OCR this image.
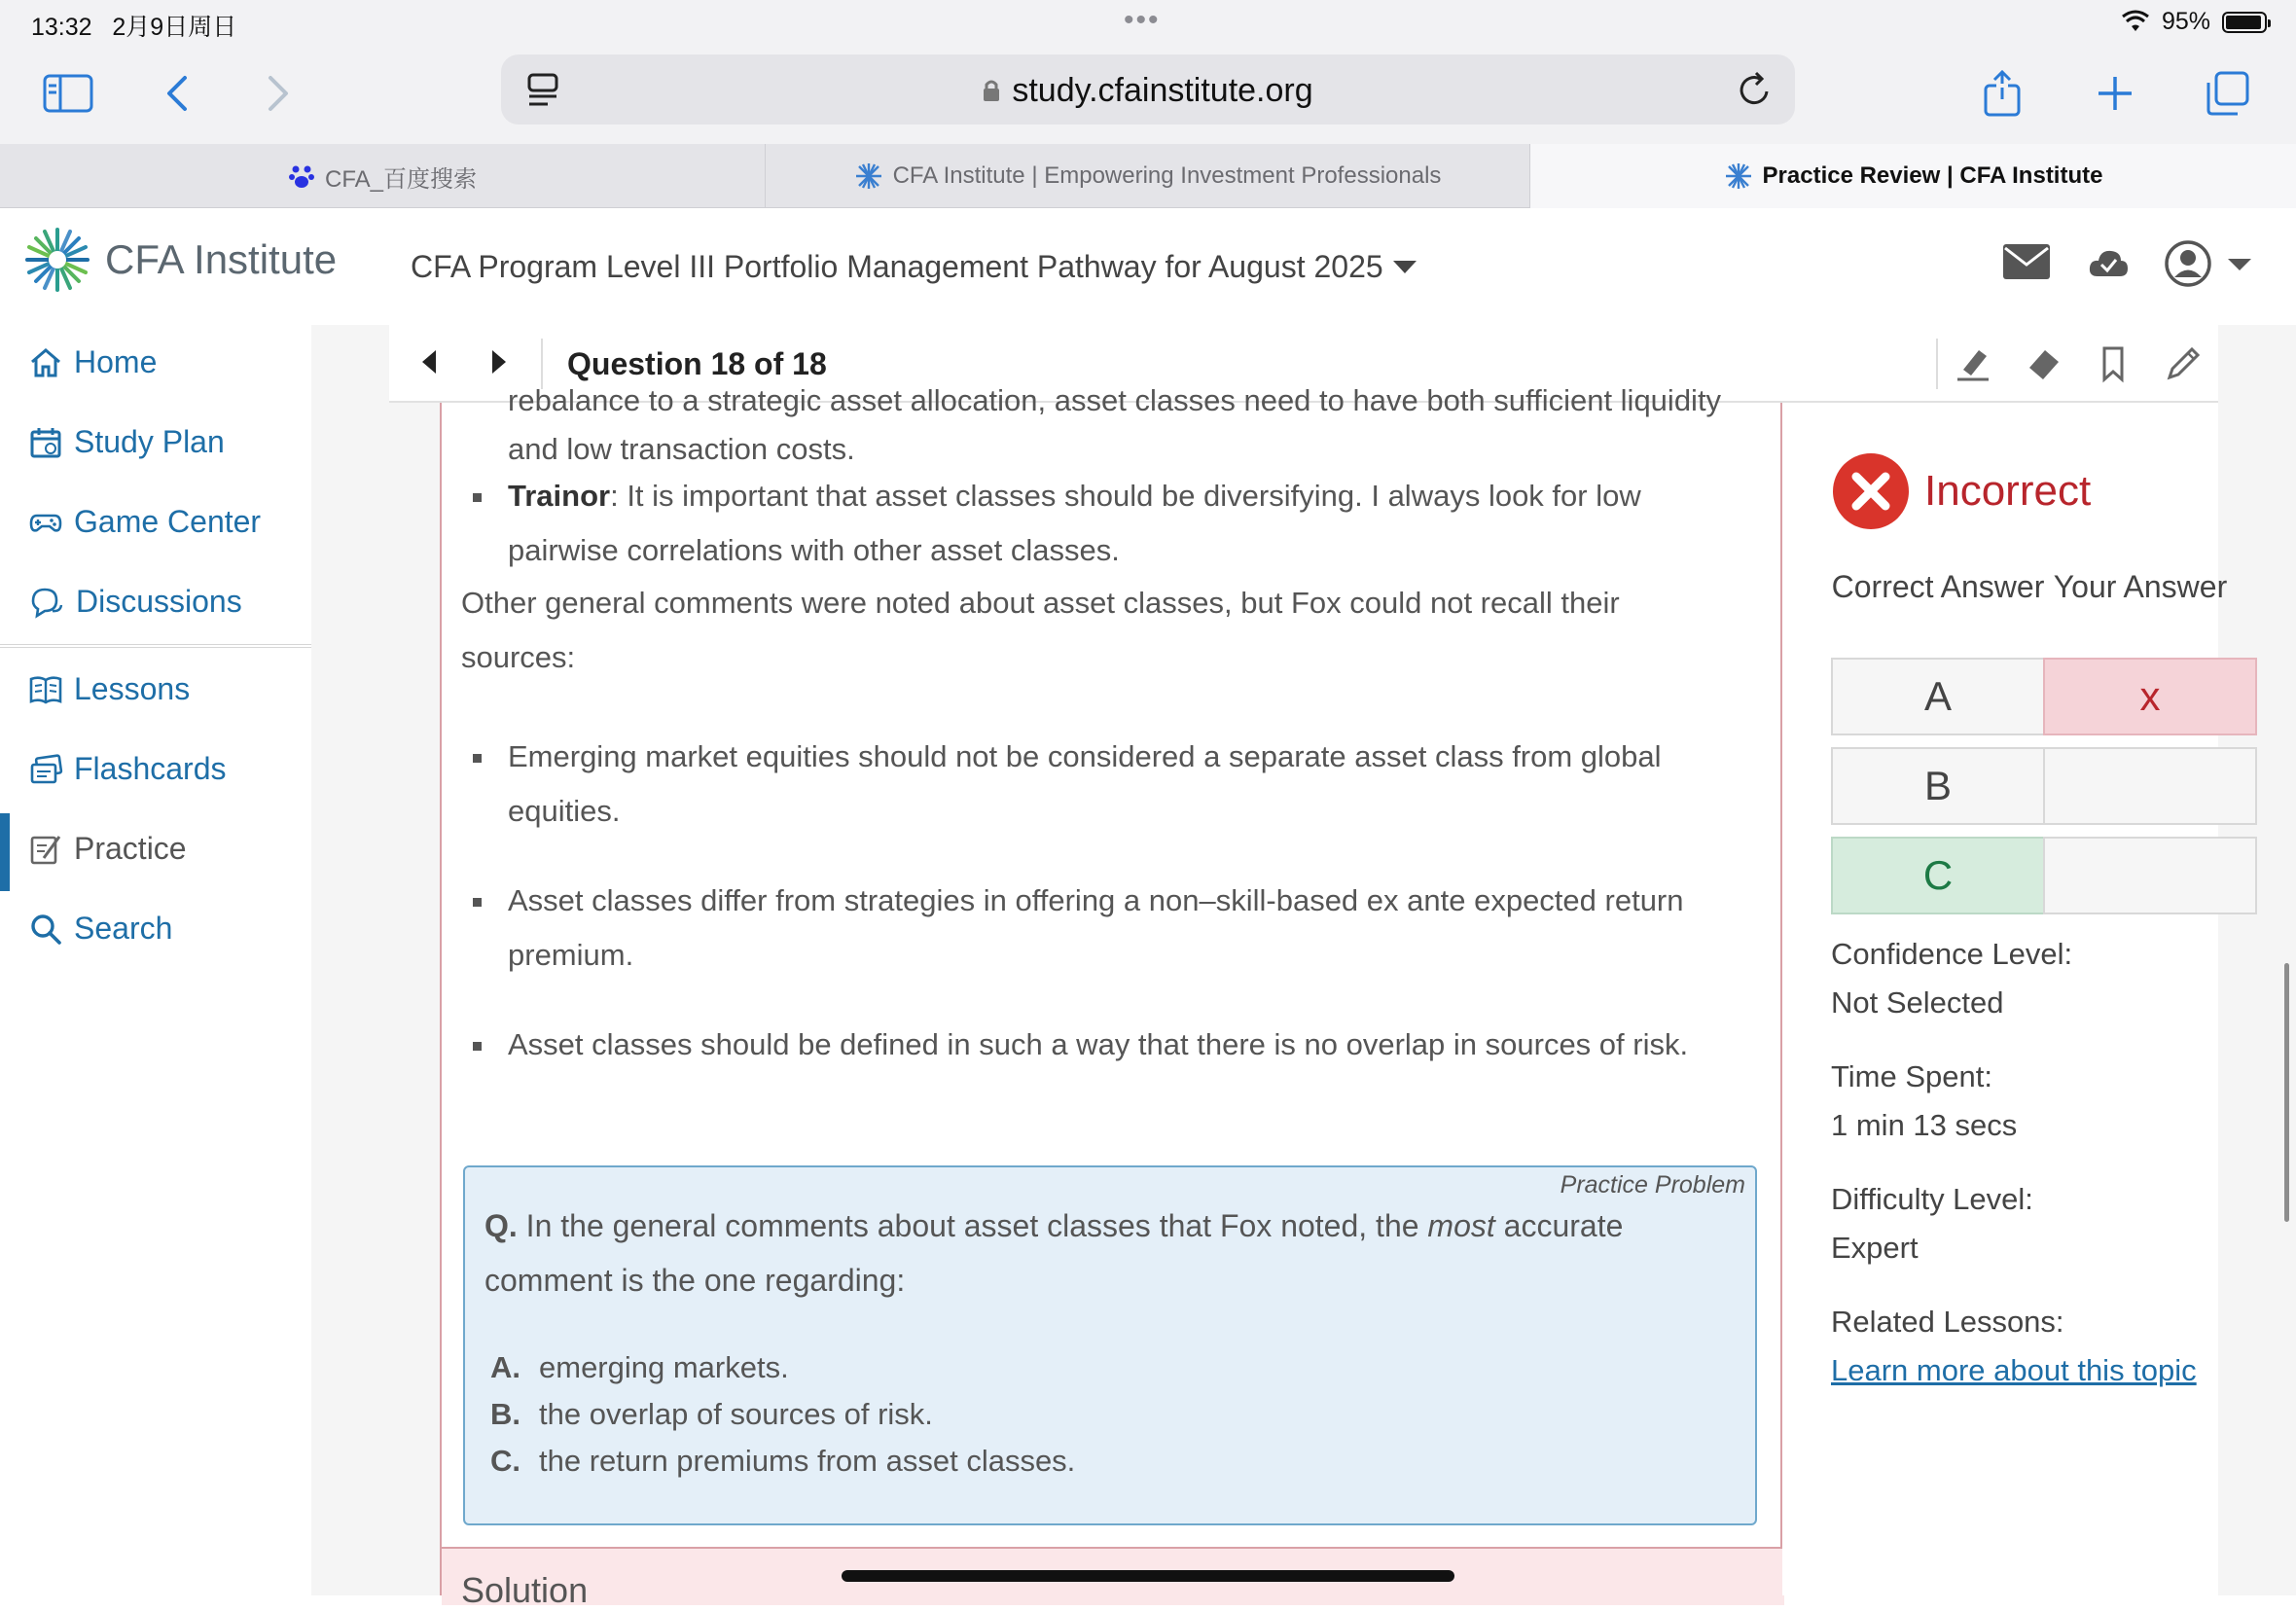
13:32 2月9日周日	•••	95%
study.cfainstitute.org
CFA_百度搜索	CFA Institute | Empowering Investment Professionals	Practice Review | CFA Institute
CFA Institute CFA Program Level III Portfolio Management Pathway for August 2025
Home
Study Plan
Game Center
Discussions
Lessons
Flashcards
Practice
Search
Question 18 of 18
rebalance to a strategic asset allocation, asset classes need to have both sufficient liquidity
and low transaction costs.
Trainor: It is important that asset classes should be diversifying. I always look for low
pairwise correlations with other asset classes.
Other general comments were noted about asset classes, but Fox could not recall their
sources:
Emerging market equities should not be considered a separate asset class from global
equities.
Asset classes differ from strategies in offering a non–skill-based ex ante expected return
premium.
Asset classes should be defined in such a way that there is no overlap in sources of risk.
Practice Problem
Q. In the general comments about asset classes that Fox noted, the most accurate
comment is the one regarding:
A. emerging markets.
B. the overlap of sources of risk.
C. the return premiums from asset classes.
Solution
Incorrect
Correct Answer Your Answer
A	x
B
C
Confidence Level:
Not Selected
Time Spent:
1 min 13 secs
Difficulty Level:
Expert
Related Lessons:
Learn more about this topic
